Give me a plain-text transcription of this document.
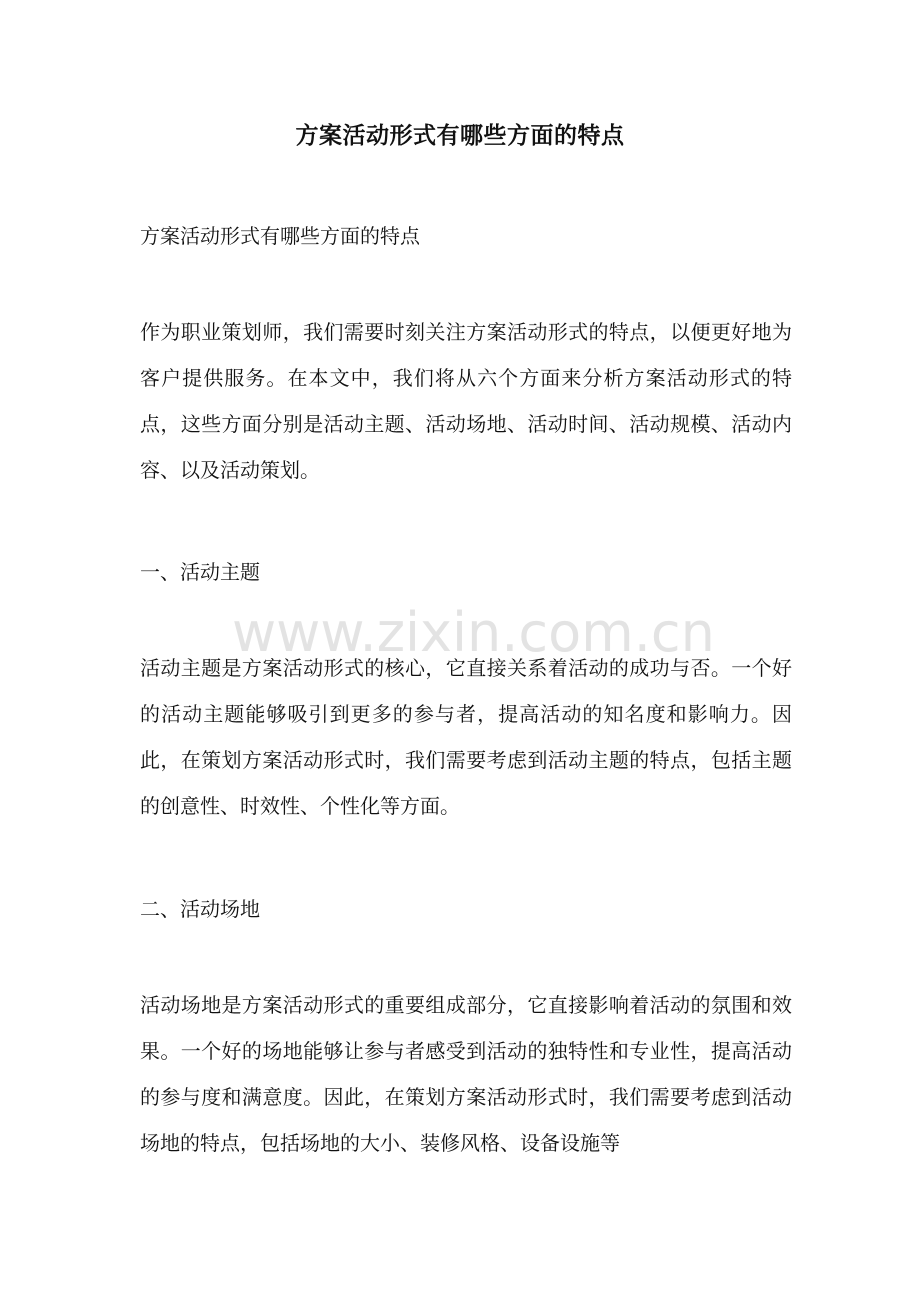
方案活动形式有哪些方面的特点
方案活动形式有哪些方面的特点
作为职业策划师，我们需要时刻关注方案活动形式的特点，以便更好地为客户提供服务。在本文中，我们将从六个方面来分析方案活动形式的特点，这些方面分别是活动主题、活动场地、活动时间、活动规模、活动内容、以及活动策划。
一、活动主题
活动主题是方案活动形式的核心，它直接关系着活动的成功与否。一个好的活动主题能够吸引到更多的参与者，提高活动的知名度和影响力。因此，在策划方案活动形式时，我们需要考虑到活动主题的特点，包括主题的创意性、时效性、个性化等方面。
二、活动场地
活动场地是方案活动形式的重要组成部分，它直接影响着活动的氛围和效果。一个好的场地能够让参与者感受到活动的独特性和专业性，提高活动的参与度和满意度。因此，在策划方案活动形式时，我们需要考虑到活动场地的特点，包括场地的大小、装修风格、设备设施等
www.zixin.com.cn
